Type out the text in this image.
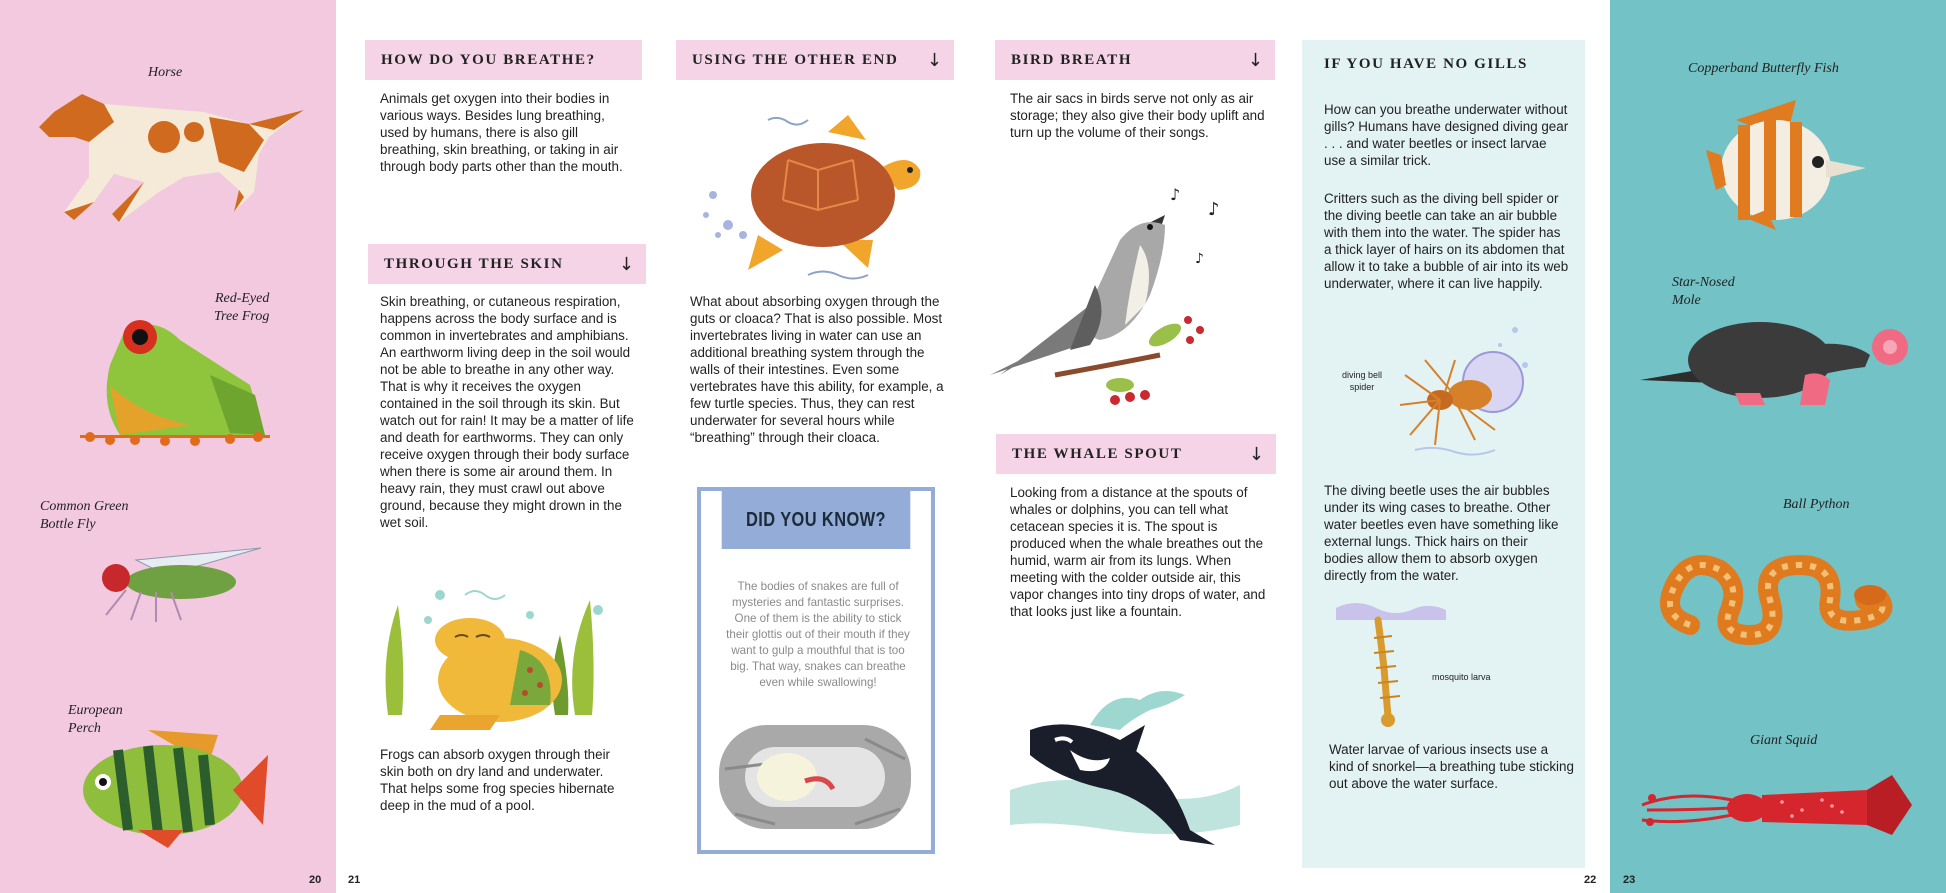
Horse
Red-Eyed
Tree Frog
Common Green
Bottle Fly
European
Perch
20 21
HOW DO YOU BREATHE?
Animals get oxygen into their bodies in various ways. Besides lung breathing, used by humans, there is also gill breathing, skin breathing, or taking in air through body parts other than the mouth.
THROUGH THE SKIN	↓
Skin breathing, or cutaneous respiration, happens across the body surface and is common in invertebrates and amphibians. An earthworm living deep in the soil would not be able to breathe in any other way. That is why it receives the oxygen contained in the soil through its skin. But watch out for rain! It may be a matter of life and death for earthworms. They can only receive oxygen through their body surface when there is some air around them. In heavy rain, they must crawl out above ground, because they might drown in the wet soil.
Frogs can absorb oxygen through their skin both on dry land and underwater. That helps some frog species hibernate deep in the mud of a pool.
USING THE OTHER END ↓
What about absorbing oxygen through the guts or cloaca? That is also possible. Most invertebrates living in water can use an additional breathing system through the walls of their intestines. Even some vertebrates have this ability, for example, a few turtle species. Thus, they can rest underwater for several hours while “breathing” through their cloaca.
DID YOU KNOW?
The bodies of snakes are full of mysteries and fantastic surprises. One of them is the ability to stick their glottis out of their mouth if they want to gulp a mouthful that is too big. That way, snakes can breathe even while swallowing!
22
BIRD BREATH	↓
The air sacs in birds serve not only as air storage; they also give their body uplift and turn up the volume of their songs.
♪
♪
♪
THE WHALE SPOUT	↓
Looking from a distance at the spouts of whales or dolphins, you can tell what cetacean species it is. The spout is produced when the whale breathes out the humid, warm air from its lungs. When meeting with the colder outside air, this vapor changes into tiny drops of water, and that looks just like a fountain.
IF YOU HAVE NO GILLS
How can you breathe underwater without gills? Humans have designed diving gear . . . and water beetles or insect larvae use a similar trick.
Critters such as the diving bell spider or the diving beetle can take an air bubble with them into the water. The spider has a thick layer of hairs on its abdomen that allow it to take a bubble of air into its web underwater, where it can live happily.
diving bell
spider
The diving beetle uses the air bubbles under its wing cases to breathe. Other water beetles even have something like external lungs. Thick hairs on their bodies allow them to absorb oxygen directly from the water.
mosquito larva
Water larvae of various insects use a kind of snorkel—a breathing tube sticking out above the water surface.
Copperband Butterfly Fish
Star-Nosed
Mole
Ball Python
Giant Squid
23
